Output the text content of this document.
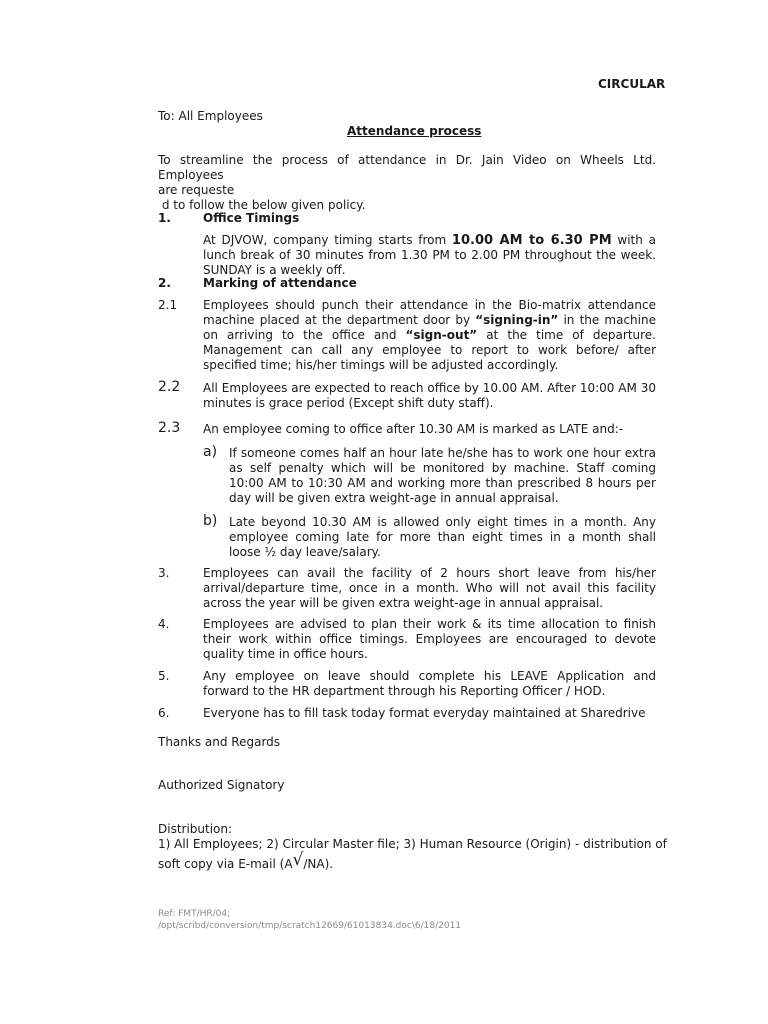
CIRCULAR
To: All Employees
Attendance process
To streamline the process of attendance in Dr. Jain Video on Wheels Ltd. Employees
are requeste
d to follow the below given policy.
1.	Office Timings
At DJVOW, company timing starts from 10.00 AM to 6.30 PM with a lunch break of 30 minutes from 1.30 PM to 2.00 PM throughout the week. SUNDAY is a weekly off.
2.	Marking of attendance
2.1 Employees should punch their attendance in the Bio-matrix attendance machine placed at the department door by “signing-in” in the machine on arriving to the office and “sign-out” at the time of departure. Management can call any employee to report to work before/ after specified time; his/her timings will be adjusted accordingly.
2.2 All Employees are expected to reach office by 10.00 AM. After 10:00 AM 30 minutes is grace period (Except shift duty staff).
2.3 An employee coming to office after 10.30 AM is marked as LATE and:-
a) If someone comes half an hour late he/she has to work one hour extra as self penalty which will be monitored by machine. Staff coming 10:00 AM to 10:30 AM and working more than prescribed 8 hours per day will be given extra weight-age in annual appraisal.
b) Late beyond 10.30 AM is allowed only eight times in a month. Any employee coming late for more than eight times in a month shall loose ½ day leave/salary.
3.	Employees can avail the facility of 2 hours short leave from his/her arrival/departure time, once in a month. Who will not avail this facility across the year will be given extra weight-age in annual appraisal.
4.	Employees are advised to plan their work & its time allocation to finish their work within office timings. Employees are encouraged to devote quality time in office hours.
5.	Any employee on leave should complete his LEAVE Application and forward to the HR department through his Reporting Officer / HOD.
6.	Everyone has to fill task today format everyday maintained at Sharedrive
Thanks and Regards
Authorized Signatory
Distribution:
1) All Employees; 2) Circular Master file; 3) Human Resource (Origin) - distribution of
soft copy via E-mail (A√/NA).
Ref: FMT/HR/04;
/opt/scribd/conversion/tmp/scratch12669/61013834.doc\6/18/2011
